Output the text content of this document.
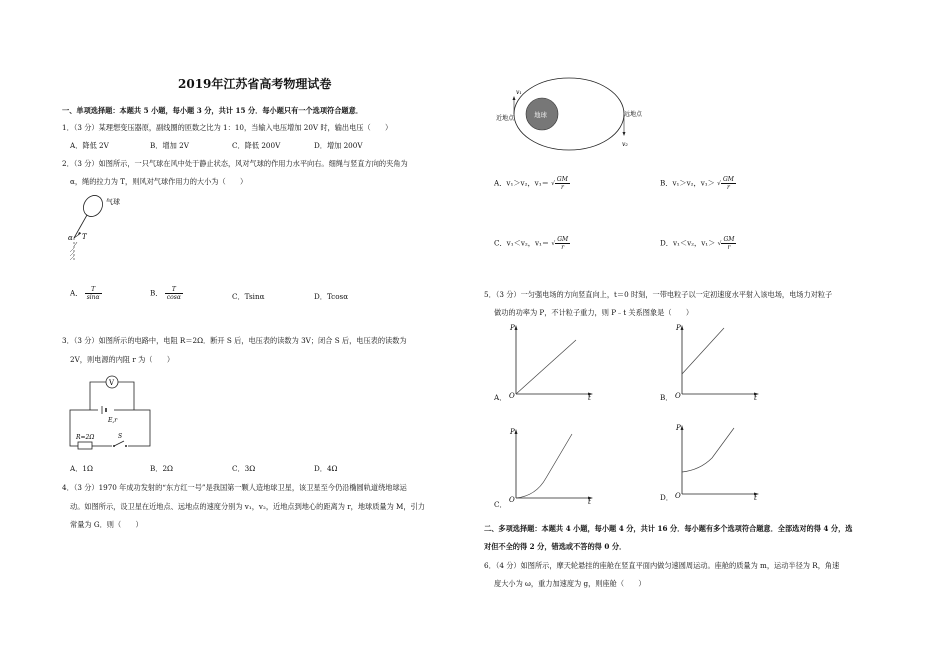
2019年江苏省高考物理试卷
一、单项选择题：本题共 5 小题，每小题 3 分，共计 15 分．每小题只有一个选项符合题意．
1．（3 分）某理想变压器原，副线圈的匝数之比为 1：10，当输入电压增加 20V 时，输出电压（　　）
A．降低 2V	B．增加 2V	C．降低 200V	D．增加 200V
2．（3 分）如图所示，一只气球在风中处于静止状态，风对气球的作用力水平向右。细绳与竖直方向的夹角为
α，绳的拉力为 T，则风对气球作用力的大小为（　　）
气球
α T
A． $\frac{T}{\sin\alpha}$	B． $\frac{T}{\cos\alpha}$	C．Tsinα	D．Tcosα
3．（3 分）如图所示的电路中，电阻 R＝2Ω．断开 S 后，电压表的读数为 3V；闭合 S 后，电压表的读数为
2V，则电源的内阻 r 为（　　）
V
E,r
R=2Ω	S
A．1Ω	B．2Ω	C．3Ω	D．4Ω
4．（3 分）1970 年成功发射的“东方红一号”是我国第一颗人造地球卫星，该卫星至今仍沿椭圆轨道绕地球运
动。如图所示，设卫星在近地点、远地点的速度分别为 v₁，v₂，近地点到地心的距离为 r，地球质量为 M，引力
常量为 G．则（　　）
地球
近地点
远地点
v₁
v₂
A．v₁＞v₂，v₁＝ √ $\frac{GM}{r}$	B．v₁＞v₂，v₁＞ √ $\frac{GM}{r}$
C．v₁＜v₂，v₁＝ √ $\frac{GM}{r}$	D．v₁＜v₂，v₁＞ √ $\frac{GM}{r}$
5．（3 分）一匀强电场的方向竖直向上，t＝0 时刻，一带电粒子以一定初速度水平射入该电场，电场力对粒子
做功的功率为 P，不计粒子重力，则 P﹣t 关系图象是（　　）
A．
P
t
O	B．
P
t
O
C．
P
t
O	D．
P
t
O
二、多项选择题：本题共 4 小题，每小题 4 分，共计 16 分．每小题有多个选项符合题意．全部选对的得 4 分，选
对但不全的得 2 分，错选或不答的得 0 分．
6．（4 分）如图所示，摩天轮悬挂的座舱在竖直平面内做匀速圆周运动。座舱的质量为 m，运动半径为 R，角速
度大小为 ω，重力加速度为 g，则座舱（　　）
